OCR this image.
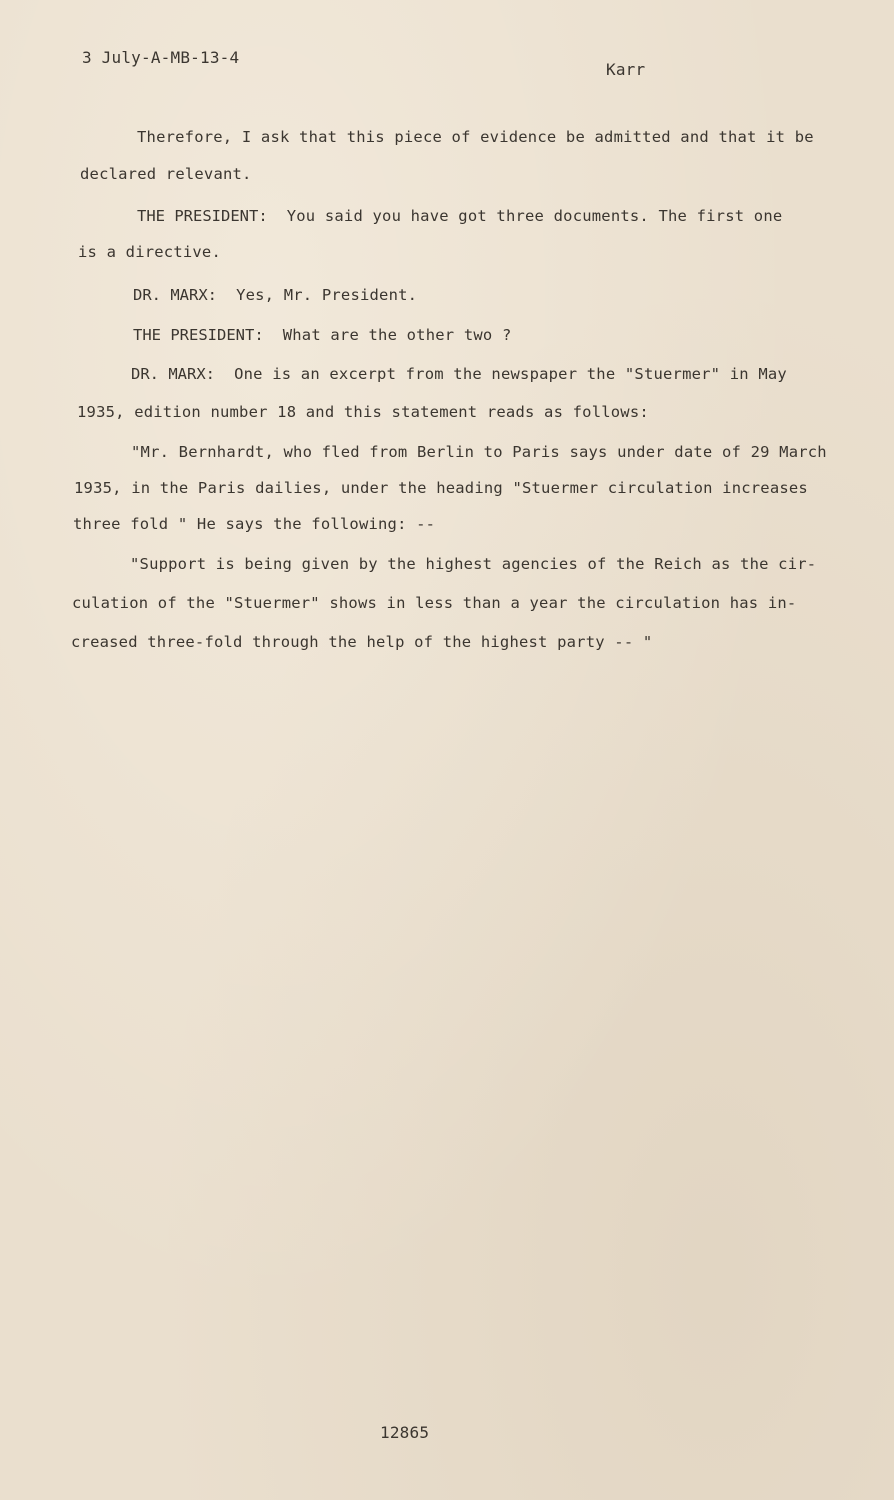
3 July-A-MB-13-4
Karr
Therefore, I ask that this piece of evidence be admitted and that it be
declared relevant.
THE PRESIDENT: You said you have got three documents. The first one
is a directive.
DR. MARX: Yes, Mr. President.
THE PRESIDENT: What are the other two ?
DR. MARX: One is an excerpt from the newspaper the "Stuermer" in May
1935, edition number 18 and this statement reads as follows:
"Mr. Bernhardt, who fled from Berlin to Paris says under date of 29 March
1935, in the Paris dailies, under the heading "Stuermer circulation increases
three fold " He says the following: --
"Support is being given by the highest agencies of the Reich as the cir-
culation of the "Stuermer" shows in less than a year the circulation has in-
creased three-fold through the help of the highest party -- "
12865
